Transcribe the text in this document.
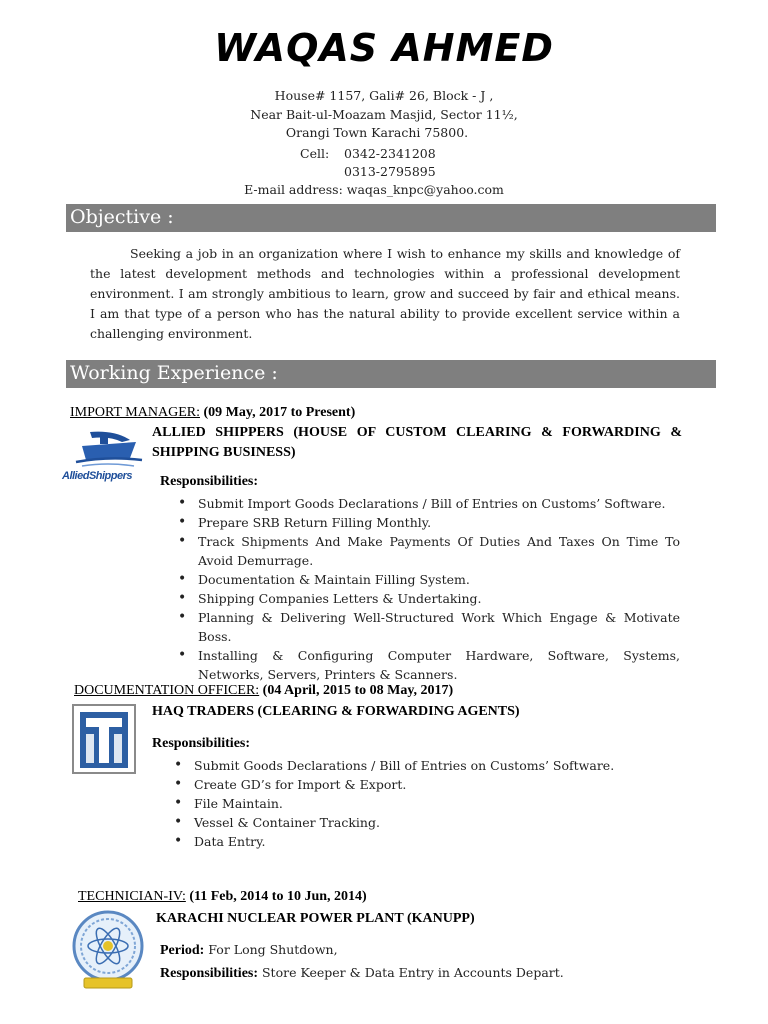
WAQAS AHMED
House# 1157, Gali# 26, Block - J ,
Near Bait-ul-Moazam Masjid, Sector 11½,
Orangi Town Karachi 75800.
Cell: 0342-2341208
0313-2795895
E-mail address: waqas_knpc@yahoo.com
Objective :
Seeking a job in an organization where I wish to enhance my skills and knowledge of the latest development methods and technologies within a professional development environment. I am strongly ambitious to learn, grow and succeed by fair and ethical means. I am that type of a person who has the natural ability to provide excellent service within a challenging environment.
Working Experience :
IMPORT MANAGER: (09 May, 2017 to Present)
AlliedShippers
ALLIED SHIPPERS (HOUSE OF CUSTOM CLEARING & FORWARDING & SHIPPING BUSINESS)
Responsibilities:
• Submit Import Goods Declarations / Bill of Entries on Customs’ Software.
• Prepare SRB Return Filling Monthly.
• Track Shipments And Make Payments Of Duties And Taxes On Time To Avoid Demurrage.
• Documentation & Maintain Filling System.
• Shipping Companies Letters & Undertaking.
• Planning & Delivering Well-Structured Work Which Engage & Motivate Boss.
• Installing & Configuring Computer Hardware, Software, Systems, Networks, Servers, Printers & Scanners.
DOCUMENTATION OFFICER: (04 April, 2015 to 08 May, 2017)
HAQ TRADERS (CLEARING & FORWARDING AGENTS)
Responsibilities:
• Submit Goods Declarations / Bill of Entries on Customs’ Software.
• Create GD’s for Import & Export.
• File Maintain.
• Vessel & Container Tracking.
• Data Entry.
TECHNICIAN-IV: (11 Feb, 2014 to 10 Jun, 2014)
KARACHI NUCLEAR POWER PLANT (KANUPP)
Period: For Long Shutdown,
Responsibilities: Store Keeper & Data Entry in Accounts Depart.
